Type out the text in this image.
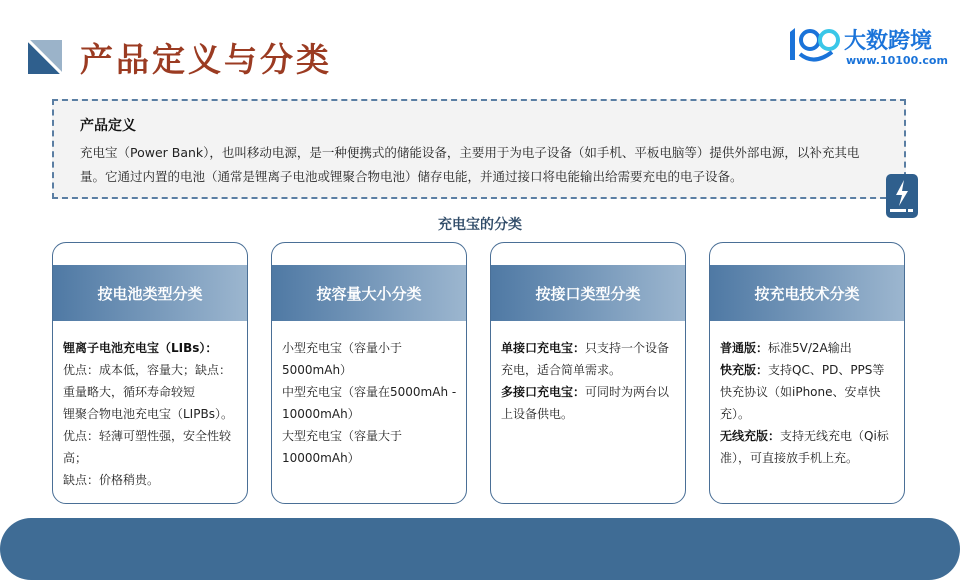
产品定义与分类	大数跨境
www.10100.com
产品定义
充电宝（Power Bank），也叫移动电源，是一种便携式的储能设备，主要用于为电子设备（如手机、平板电脑等）提供外部电源，以补充其电量。它通过内置的电池（通常是锂离子电池或锂聚合物电池）储存电能，并通过接口将电能输出给需要充电的电子设备。
充电宝的分类
按电池类型分类
锂离子电池充电宝（LIBs）：
优点：成本低，容量大；缺点：重量略大，循环寿命较短
锂聚合物电池充电宝（LIPBs）。
优点：轻薄可塑性强，安全性较高；
缺点：价格稍贵。
按容量大小分类
小型充电宝（容量小于5000mAh）
中型充电宝（容量在5000mAh - 10000mAh）
大型充电宝（容量大于10000mAh）
按接口类型分类
单接口充电宝：只支持一个设备充电，适合简单需求。
多接口充电宝：可同时为两台以上设备供电。
按充电技术分类
普通版：标准5V/2A输出
快充版：支持QC、PD、PPS等快充协议（如iPhone、安卓快充）。
无线充版：支持无线充电（Qi标准），可直接放手机上充。
